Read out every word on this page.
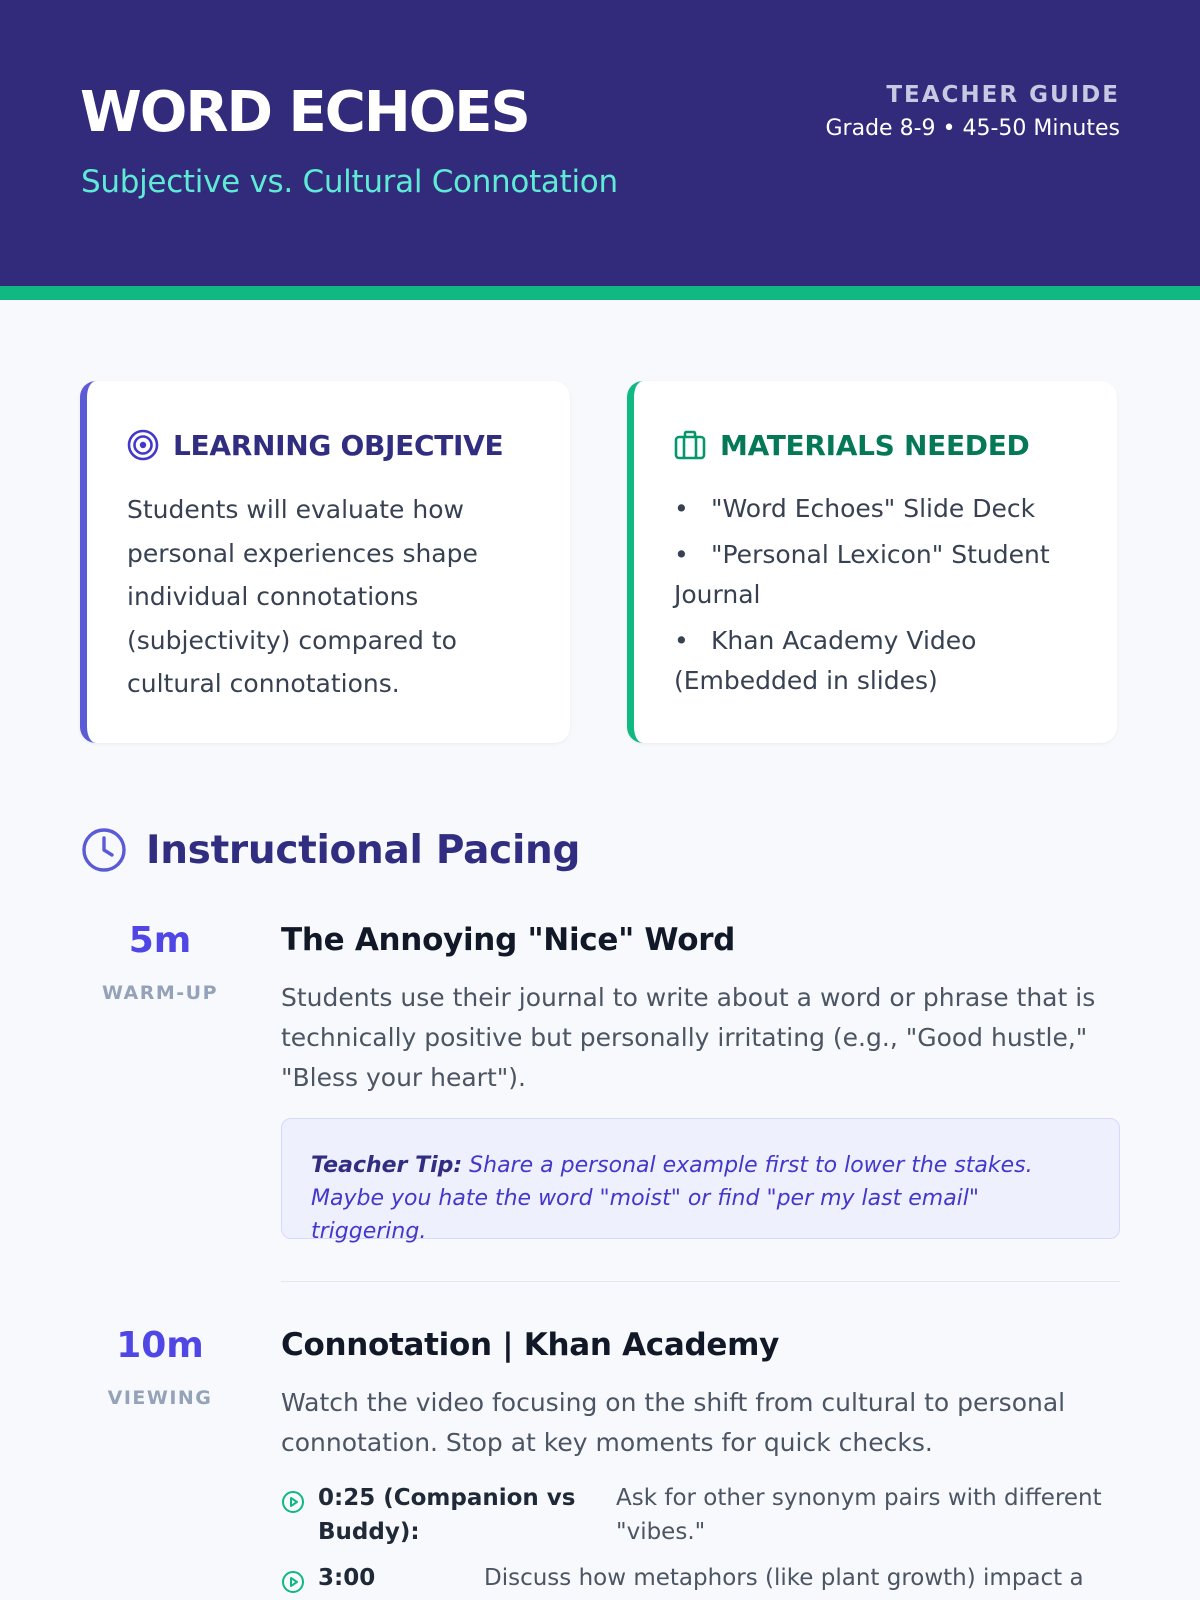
WORD ECHOES
Subjective vs. Cultural Connotation
TEACHER GUIDE
Grade 8-9 • 45-50 Minutes
LEARNING OBJECTIVE

Students will evaluate how personal experiences shape individual connotations (subjectivity) compared to cultural connotations.

MATERIALS NEEDED
• "Word Echoes" Slide Deck
• "Personal Lexicon" Student Journal
• Khan Academy Video (Embedded in slides)
Instructional Pacing
5m
WARM-UP
The Annoying "Nice" Word

Students use their journal to write about a word or phrase that is technically positive but personally irritating (e.g., "Good hustle," "Bless your heart").

Teacher Tip: Share a personal example first to lower the stakes. Maybe you hate the word "moist" or find "per my last email" triggering.
10m
VIEWING
Connotation | Khan Academy

Watch the video focusing on the shift from cultural to personal connotation. Stop at key moments for quick checks.

0:25 (Companion vs Buddy):
Ask for other synonym pairs with different "vibes."
3:00	Discuss how metaphors (like plant growth) impact a
